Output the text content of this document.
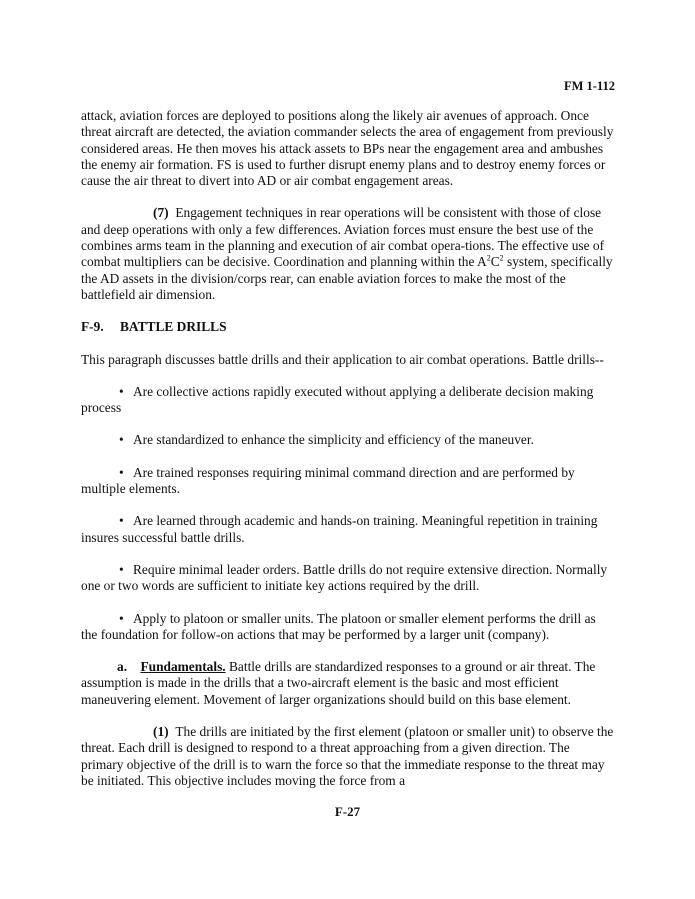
FM 1-112

attack, aviation forces are deployed to positions along the likely air avenues of approach. Once threat aircraft are detected, the aviation commander selects the area of engagement from previously considered areas. He then moves his attack assets to BPs near the engagement area and ambushes the enemy air formation. FS is used to further disrupt enemy plans and to destroy enemy forces or cause the air threat to divert into AD or air combat engagement areas.

(7) Engagement techniques in rear operations will be consistent with those of close and deep operations with only a few differences. Aviation forces must ensure the best use of the combines arms team in the planning and execution of air combat opera-tions. The effective use of combat multipliers can be decisive. Coordination and planning within the $A^2C^2$ system, specifically the AD assets in the division/corps rear, can enable aviation forces to make the most of the battlefield air dimension.

F-9. BATTLE DRILLS

This paragraph discusses battle drills and their application to air combat operations. Battle drills--

• Are collective actions rapidly executed without applying a deliberate decision making process

• Are standardized to enhance the simplicity and efficiency of the maneuver.

• Are trained responses requiring minimal command direction and are performed by multiple elements.

• Are learned through academic and hands-on training. Meaningful repetition in training insures successful battle drills.

• Require minimal leader orders. Battle drills do not require extensive direction. Normally one or two words are sufficient to initiate key actions required by the drill.

• Apply to platoon or smaller units. The platoon or smaller element performs the drill as the foundation for follow-on actions that may be performed by a larger unit (company).

a. Fundamentals. Battle drills are standardized responses to a ground or air threat. The assumption is made in the drills that a two-aircraft element is the basic and most efficient maneuvering element. Movement of larger organizations should build on this base element.

(1) The drills are initiated by the first element (platoon or smaller unit) to observe the threat. Each drill is designed to respond to a threat approaching from a given direction. The primary objective of the drill is to warn the force so that the immediate response to the threat may be initiated. This objective includes moving the force from a

F-27
